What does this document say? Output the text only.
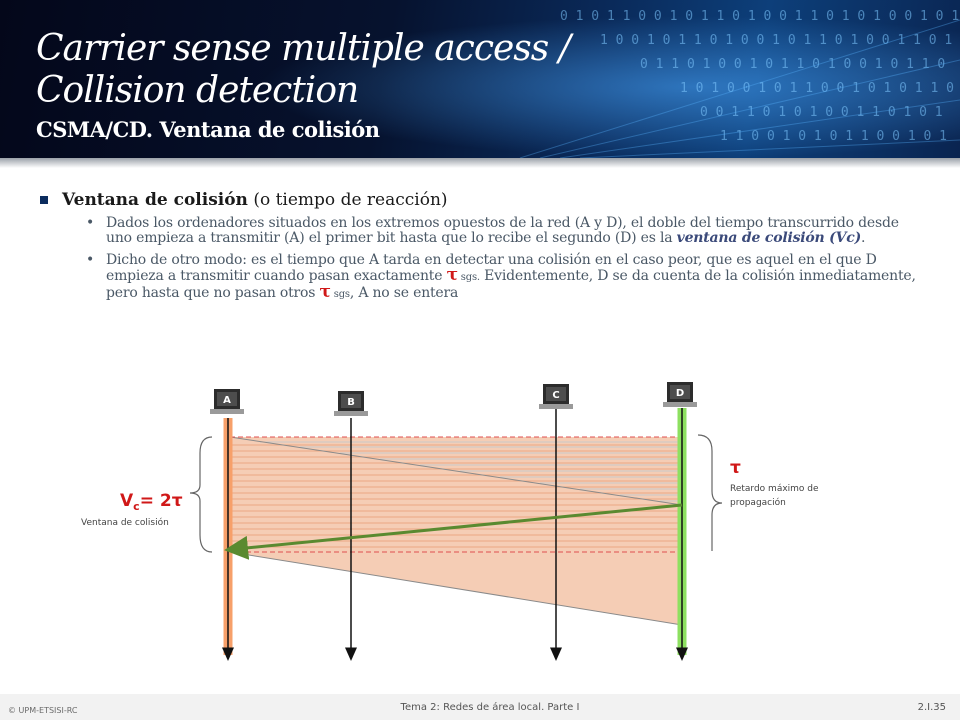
0 1 0 1 1 0 0 1 0 1 1 0 1 0 0 1 1 0 1 0 1 0 0 1 0 1
1 0 0 1 0 1 1 0 1 0 0 1 0 1 1 0 1 0 0 1 1 0 1
0 1 1 0 1 0 0 1 0 1 1 0 1 0 0 1 0 1 1 0
1 0 1 0 0 1 0 1 1 0 0 1 0 1 0 1 1 0
0 0 1 1 0 1 0 1 0 0 1 1 0 1 0 1
1 1 0 0 1 0 1 0 1 1 0 0 1 0 1
Carrier sense multiple access /
Collision detection
CSMA/CD. Ventana de colisión
Ventana de colisión (o tiempo de reacción)
• Dados los ordenadores situados en los extremos opuestos de la red (A y D), el doble del tiempo transcurrido desde uno empieza a transmitir (A) el primer bit hasta que lo recibe el segundo (D) es la ventana de colisión (Vc).
• Dicho de otro modo: es el tiempo que A tarda en detectar una colisión en el caso peor, que es aquel en el que D empieza a transmitir cuando pasan exactamente τ sgs. Evidentemente, D se da cuenta de la colisión inmediatamente, pero hasta que no pasan otros τ sgs, A no se entera
A	B
C	D
τ
Retardo máximo de
propagación
$V_c= 2\tau$
Ventana de colisión
© UPM-ETSISI-RC	Tema 2: Redes de área local. Parte I	2.I.35
